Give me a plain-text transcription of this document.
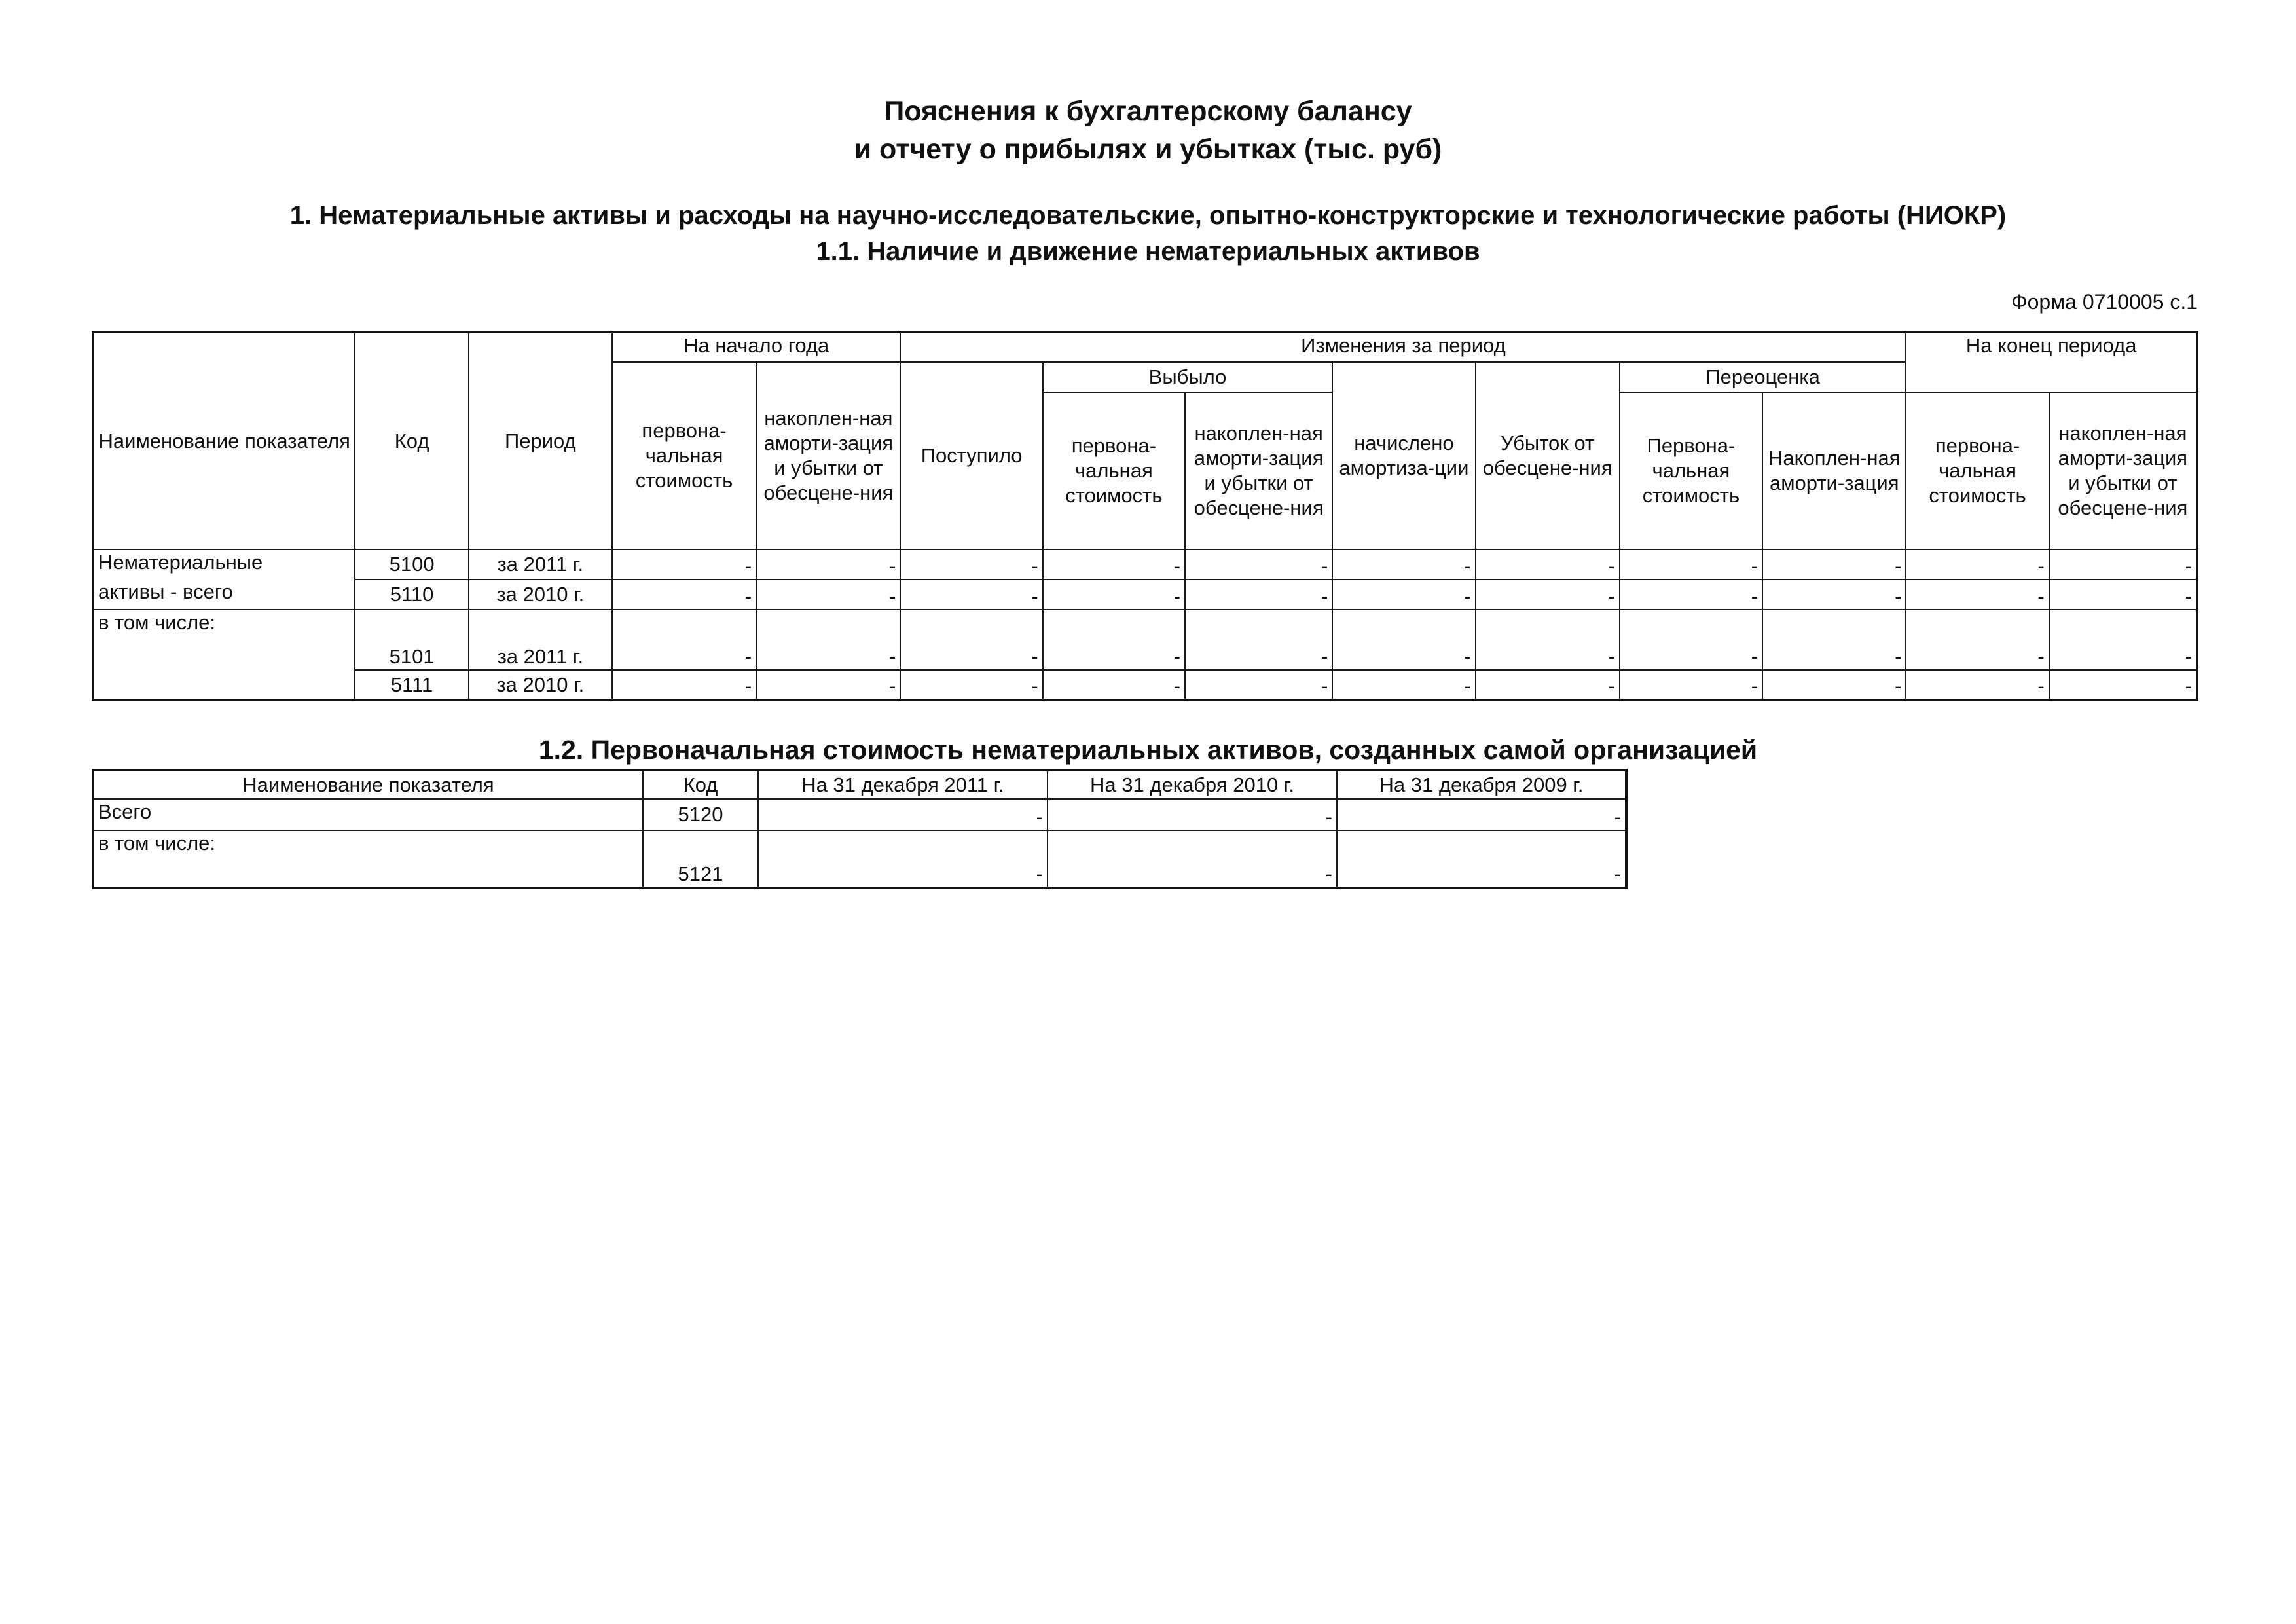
Пояснения к бухгалтерскому балансу
и отчету о прибылях и убытках (тыс. руб)
1. Нематериальные активы и расходы на научно-исследовательские, опытно-конструкторские и технологические работы (НИОКР)
1.1. Наличие и движение нематериальных активов
Форма 0710005 с.1
Наименование показателя	Код	Период	На начало года		Изменения за период							На конец периода	
			первона-чальная стоимость	накоплен-ная аморти-зация и убытки от обесцене-ния	Поступило	Выбыло		начислено амортиза-ции	Убыток от обесцене-ния	Переоценка			
						первона-чальная стоимость	накоплен-ная аморти-зация и убытки от обесцене-ния			Первона-чальная стоимость	Накоплен-ная аморти-зация	первона-чальная стоимость	накоплен-ная аморти-зация и убытки от обесцене-ния
Нематериальные	5100	за 2011 г.	-	-	-	-	-	-	-	-	-	-	-
активы - всего	5110	за 2010 г.	-	-	-	-	-	-	-	-	-	-	-
в том числе:	5101	за 2011 г.	-	-	-	-	-	-	-	-	-	-	-
	5111	за 2010 г.	-	-	-	-	-	-	-	-	-	-	-
1.2. Первоначальная стоимость нематериальных активов, созданных самой организацией
Наименование показателя	Код	На 31 декабря 2011 г.	На 31 декабря 2010 г.	На 31 декабря 2009 г.
Всего	5120	-	-	-
в том числе:	5121	-	-	-
